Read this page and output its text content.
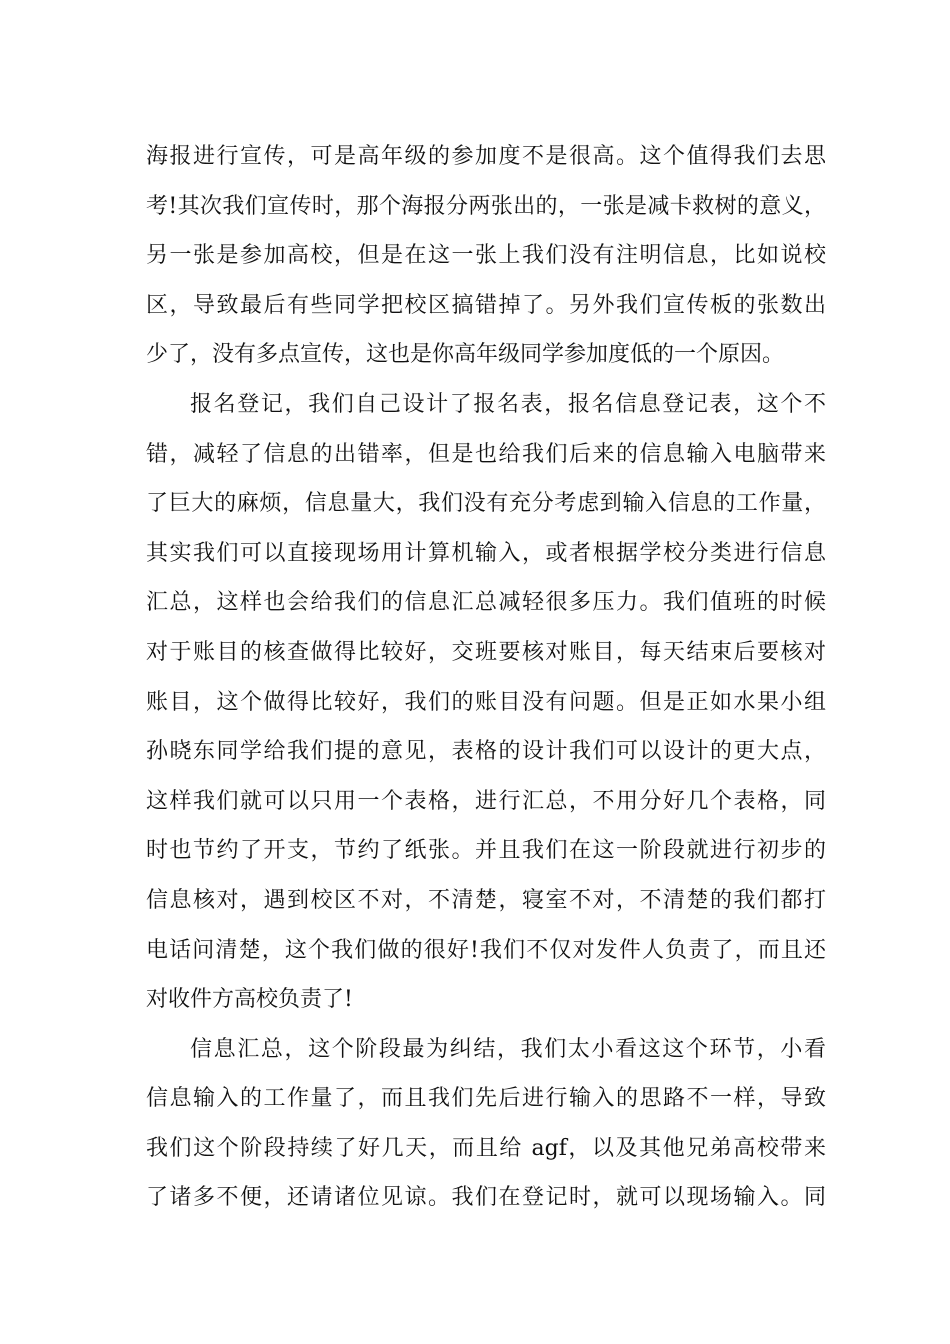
海报进行宣传，可是高年级的参加度不是很高。这个值得我们去思
考!其次我们宣传时，那个海报分两张出的，一张是减卡救树的意义，
另一张是参加高校，但是在这一张上我们没有注明信息，比如说校
区，导致最后有些同学把校区搞错掉了。另外我们宣传板的张数出
少了，没有多点宣传，这也是你高年级同学参加度低的一个原因。
报名登记，我们自己设计了报名表，报名信息登记表，这个不
错，减轻了信息的出错率，但是也给我们后来的信息输入电脑带来
了巨大的麻烦，信息量大，我们没有充分考虑到输入信息的工作量，
其实我们可以直接现场用计算机输入，或者根据学校分类进行信息
汇总，这样也会给我们的信息汇总减轻很多压力。我们值班的时候
对于账目的核查做得比较好，交班要核对账目，每天结束后要核对
账目，这个做得比较好，我们的账目没有问题。但是正如水果小组
孙晓东同学给我们提的意见，表格的设计我们可以设计的更大点，
这样我们就可以只用一个表格，进行汇总，不用分好几个表格，同
时也节约了开支，节约了纸张。并且我们在这一阶段就进行初步的
信息核对，遇到校区不对，不清楚，寝室不对，不清楚的我们都打
电话问清楚，这个我们做的很好!我们不仅对发件人负责了，而且还
对收件方高校负责了!
信息汇总，这个阶段最为纠结，我们太小看这这个环节，小看
信息输入的工作量了，而且我们先后进行输入的思路不一样，导致
我们这个阶段持续了好几天，而且给 agf，以及其他兄弟高校带来
了诸多不便，还请诸位见谅。我们在登记时，就可以现场输入。同
